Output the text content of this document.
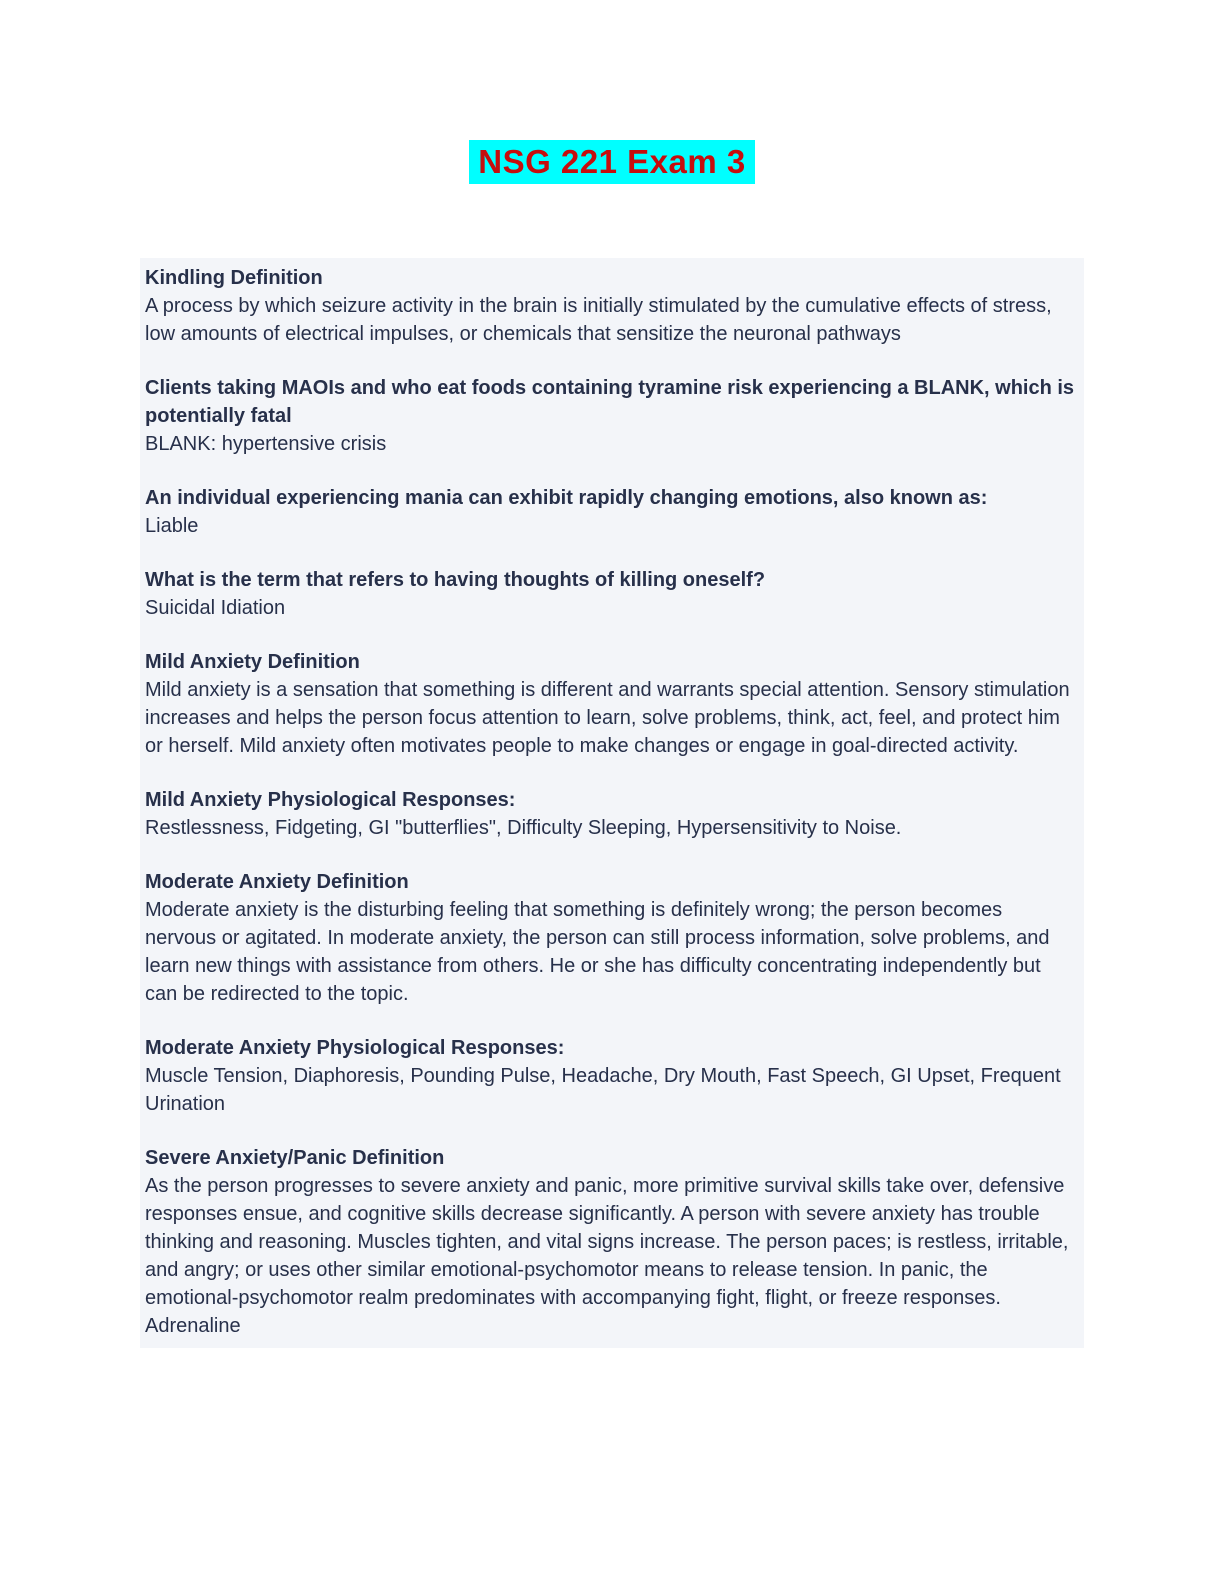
NSG 221 Exam 3
Kindling Definition
A process by which seizure activity in the brain is initially stimulated by the cumulative effects of stress, low amounts of electrical impulses, or chemicals that sensitize the neuronal pathways
Clients taking MAOIs and who eat foods containing tyramine risk experiencing a BLANK, which is potentially fatal
BLANK: hypertensive crisis
An individual experiencing mania can exhibit rapidly changing emotions, also known as:
Liable
What is the term that refers to having thoughts of killing oneself?
Suicidal Idiation
Mild Anxiety Definition
Mild anxiety is a sensation that something is different and warrants special attention. Sensory stimulation increases and helps the person focus attention to learn, solve problems, think, act, feel, and protect him or herself. Mild anxiety often motivates people to make changes or engage in goal-directed activity.
Mild Anxiety Physiological Responses:
Restlessness, Fidgeting, GI "butterflies", Difficulty Sleeping, Hypersensitivity to Noise.
Moderate Anxiety Definition
Moderate anxiety is the disturbing feeling that something is definitely wrong; the person becomes nervous or agitated. In moderate anxiety, the person can still process information, solve problems, and learn new things with assistance from others. He or she has difficulty concentrating independently but can be redirected to the topic.
Moderate Anxiety Physiological Responses:
Muscle Tension, Diaphoresis, Pounding Pulse, Headache, Dry Mouth, Fast Speech, GI Upset, Frequent Urination
Severe Anxiety/Panic Definition
As the person progresses to severe anxiety and panic, more primitive survival skills take over, defensive responses ensue, and cognitive skills decrease significantly. A person with severe anxiety has trouble thinking and reasoning. Muscles tighten, and vital signs increase. The person paces; is restless, irritable, and angry; or uses other similar emotional-psychomotor means to release tension. In panic, the emotional-psychomotor realm predominates with accompanying fight, flight, or freeze responses. Adrenaline
